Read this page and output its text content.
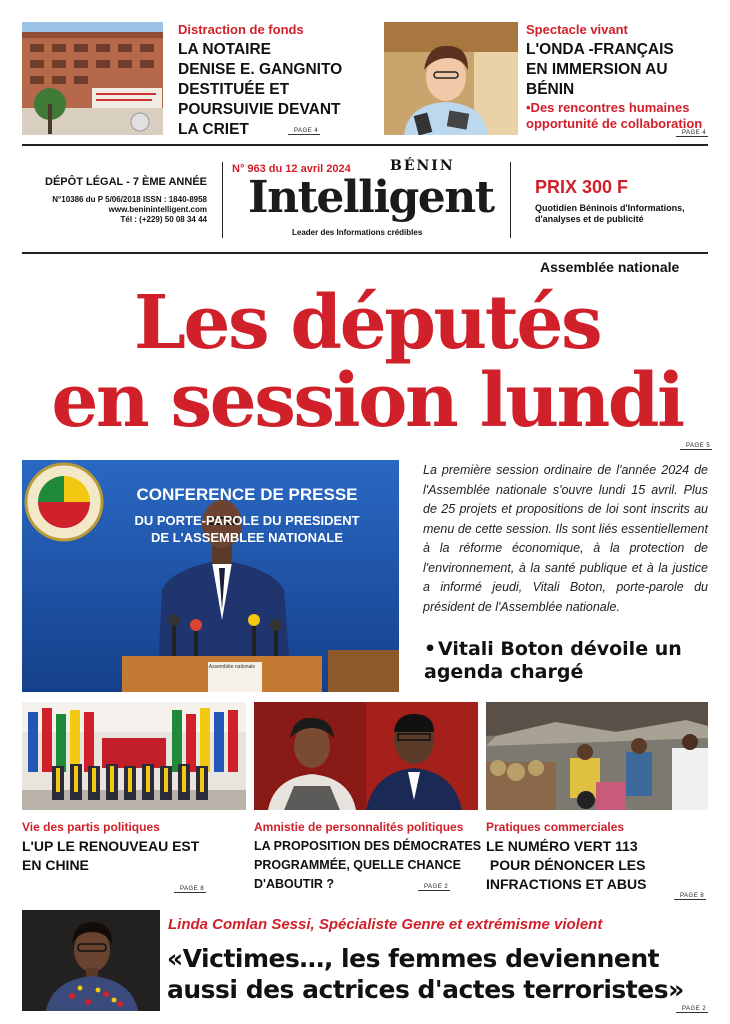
Distraction de fonds
LA NOTAIRE
DENISE E. GANGNITO
DESTITUÉE ET
POURSUIVIE DEVANT
LA CRIET	PAGE 4
Spectacle vivant
L'ONDA -FRANÇAIS
EN IMMERSION AU
BÉNIN
•Des rencontres humaines
opportunité de collaboration
PAGE 4
DÉPÔT LÉGAL - 7 ÈME ANNÉE
N°10386 du P 5/06/2018 ISSN : 1840-8958
www.beninintelligent.com
Tél : (+229) 50 08 34 44
N° 963 du 12 avril 2024	BÉNIN
Intelligent
Leader des Informations crédibles
PRIX 300 F
Quotidien Béninois d'Informations,
d'analyses et de publicité
Assemblée nationale
Les députés
en session lundi
PAGE 5
CONFERENCE DE PRESSE
DU PORTE-PAROLE DU PRESIDENT
DE L'ASSEMBLEE NATIONALE
Assemblée nationale
La première session ordinaire de l'année 2024 de l'Assemblée nationale s'ouvre lundi 15 avril. Plus de 25 projets et propositions de loi sont inscrits au menu de cette session. Ils sont liés essentiellement à la réforme économique, à la protection de l'environnement, à la santé publique et à la justice a informé jeudi, Vitali Boton, porte-parole du président de l'Assemblée nationale.
•Vitali Boton dévoile un
agenda chargé
Vie des partis politiques
L'UP LE RENOUVEAU EST
EN CHINE
PAGE 8
Amnistie de personnalités politiques
LA PROPOSITION DES DÉMOCRATES
PROGRAMMÉE, QUELLE CHANCE
D'ABOUTIR ?	PAGE 2
Pratiques commerciales
LE NUMÉRO VERT 113
POUR DÉNONCER LES
INFRACTIONS ET ABUS
PAGE 8
Linda Comlan Sessi, Spécialiste Genre et extrémisme violent
«Victimes…, les femmes deviennent
aussi des actrices d'actes terroristes»
PAGE 2
